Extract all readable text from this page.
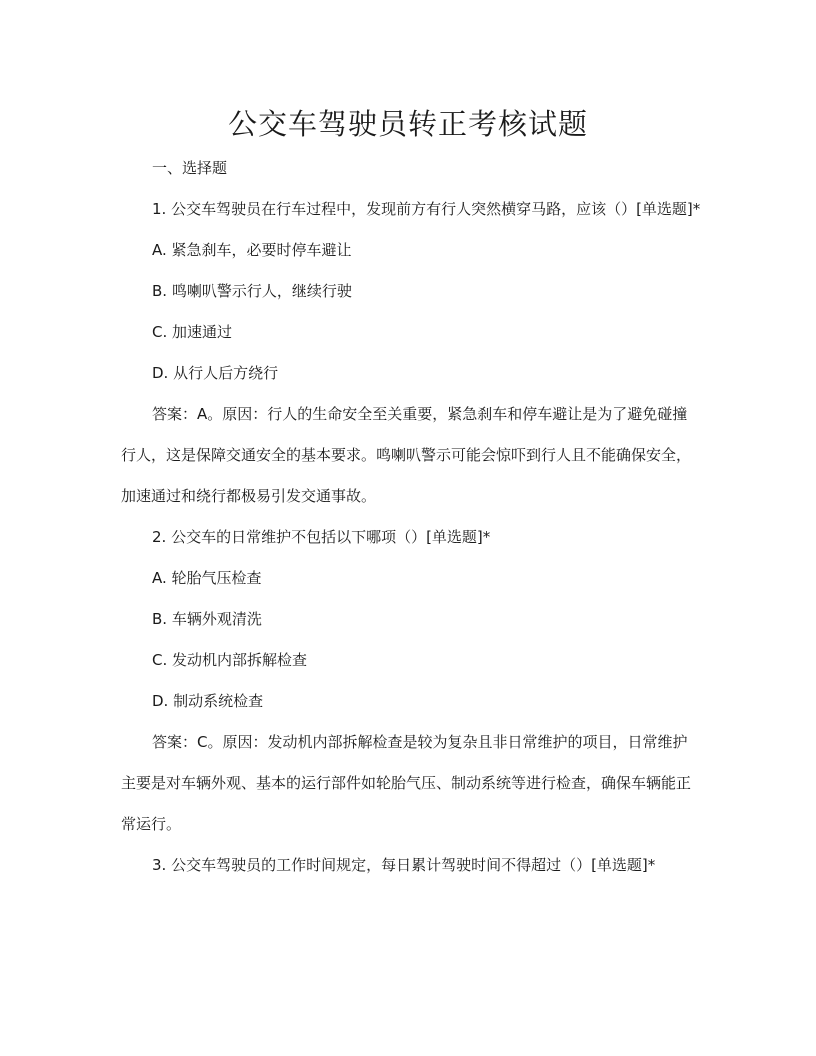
公交车驾驶员转正考核试题

一、选择题

1. 公交车驾驶员在行车过程中，发现前方有行人突然横穿马路，应该（）[单选题]*

A. 紧急刹车，必要时停车避让

B. 鸣喇叭警示行人，继续行驶

C. 加速通过

D. 从行人后方绕行

答案：A。原因：行人的生命安全至关重要，紧急刹车和停车避让是为了避免碰撞行人，这是保障交通安全的基本要求。鸣喇叭警示可能会惊吓到行人且不能确保安全，加速通过和绕行都极易引发交通事故。

2. 公交车的日常维护不包括以下哪项（）[单选题]*

A. 轮胎气压检查

B. 车辆外观清洗

C. 发动机内部拆解检查

D. 制动系统检查

答案：C。原因：发动机内部拆解检查是较为复杂且非日常维护的项目，日常维护主要是对车辆外观、基本的运行部件如轮胎气压、制动系统等进行检查，确保车辆能正常运行。

3. 公交车驾驶员的工作时间规定，每日累计驾驶时间不得超过（）[单选题]*
